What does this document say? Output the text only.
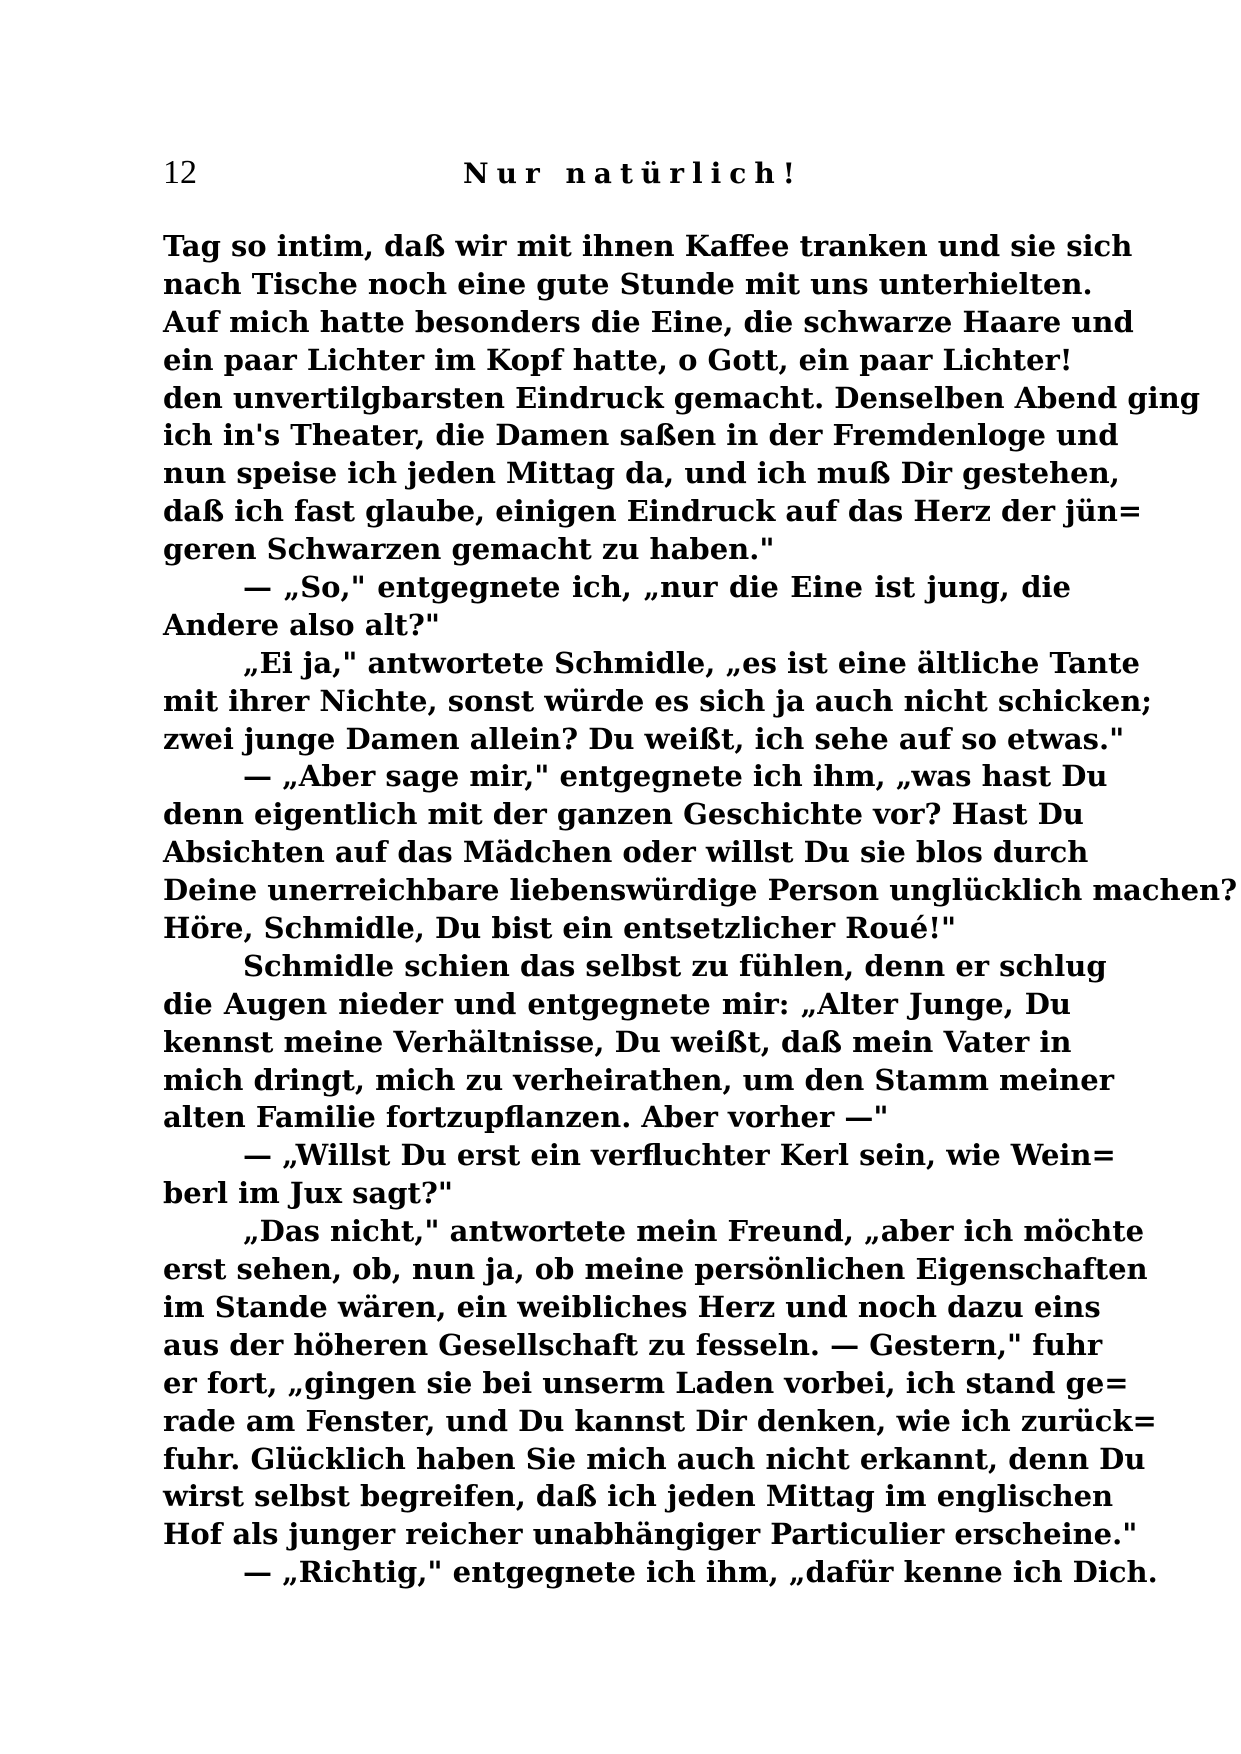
12	Nur natürlich!
Tag so intim, daß wir mit ihnen Kaffee tranken und sie sich
nach Tische noch eine gute Stunde mit uns unterhielten.
Auf mich hatte besonders die Eine, die schwarze Haare und
ein paar Lichter im Kopf hatte, o Gott, ein paar Lichter!
den unvertilgbarsten Eindruck gemacht. Denselben Abend ging
ich in's Theater, die Damen saßen in der Fremdenloge und
nun speise ich jeden Mittag da, und ich muß Dir gestehen,
daß ich fast glaube, einigen Eindruck auf das Herz der jün=
geren Schwarzen gemacht zu haben."
— „So," entgegnete ich, „nur die Eine ist jung, die
Andere also alt?"
„Ei ja," antwortete Schmidle, „es ist eine ältliche Tante
mit ihrer Nichte, sonst würde es sich ja auch nicht schicken;
zwei junge Damen allein? Du weißt, ich sehe auf so etwas."
— „Aber sage mir," entgegnete ich ihm, „was hast Du
denn eigentlich mit der ganzen Geschichte vor? Hast Du
Absichten auf das Mädchen oder willst Du sie blos durch
Deine unerreichbare liebenswürdige Person unglücklich machen?
Höre, Schmidle, Du bist ein entsetzlicher Roué!"
Schmidle schien das selbst zu fühlen, denn er schlug
die Augen nieder und entgegnete mir: „Alter Junge, Du
kennst meine Verhältnisse, Du weißt, daß mein Vater in
mich dringt, mich zu verheirathen, um den Stamm meiner
alten Familie fortzupflanzen. Aber vorher —"
— „Willst Du erst ein verfluchter Kerl sein, wie Wein=
berl im Jux sagt?"
„Das nicht," antwortete mein Freund, „aber ich möchte
erst sehen, ob, nun ja, ob meine persönlichen Eigenschaften
im Stande wären, ein weibliches Herz und noch dazu eins
aus der höheren Gesellschaft zu fesseln. — Gestern," fuhr
er fort, „gingen sie bei unserm Laden vorbei, ich stand ge=
rade am Fenster, und Du kannst Dir denken, wie ich zurück=
fuhr. Glücklich haben Sie mich auch nicht erkannt, denn Du
wirst selbst begreifen, daß ich jeden Mittag im englischen
Hof als junger reicher unabhängiger Particulier erscheine."
— „Richtig," entgegnete ich ihm, „dafür kenne ich Dich.
